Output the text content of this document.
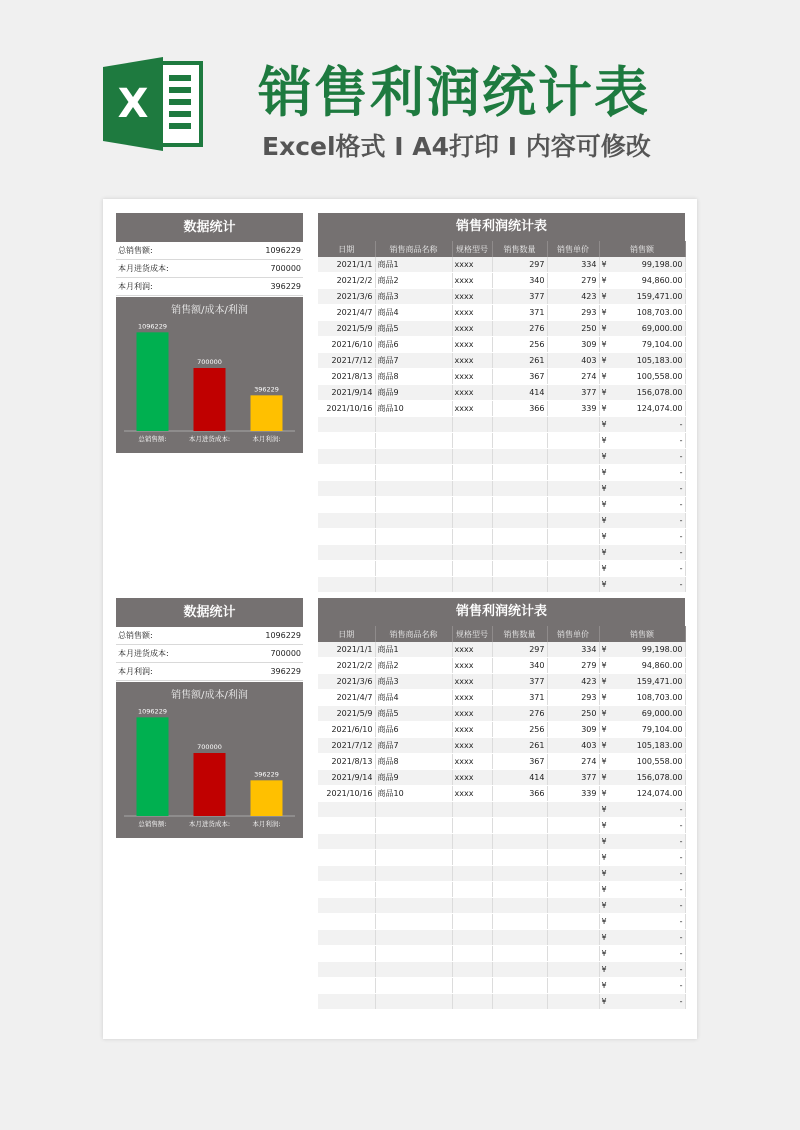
X 销售利润统计表
Excel格式 I A4打印 I 内容可修改
数据统计
总销售额:	1096229
本月进货成本:	700000
本月利润:	396229
销售额/成本/利润
1096229
总销售额:
700000
本月进货成本:
396229
本月利润:
销售利润统计表
日期	销售商品名称	规格型号	销售数量	销售单价	销售额
2021/1/1	商品1	xxxx	297	334	¥ 99,198.00

2021/2/2	商品2	xxxx	340	279	¥ 94,860.00

2021/3/6	商品3	xxxx	377	423	¥ 159,471.00

2021/4/7	商品4	xxxx	371	293	¥ 108,703.00

2021/5/9	商品5	xxxx	276	250	¥ 69,000.00

2021/6/10	商品6	xxxx	256	309	¥ 79,104.00

2021/7/12	商品7	xxxx	261	403	¥ 105,183.00

2021/8/13	商品8	xxxx	367	274	¥ 100,558.00

2021/9/14	商品9	xxxx	414	377	¥ 156,078.00

2021/10/16	商品10	xxxx	366	339	¥ 124,074.00

					¥ -

					¥ -

					¥ -

					¥ -

					¥ -

					¥ -

					¥ -

					¥ -

					¥ -

					¥ -

					¥ -
数据统计
总销售额:	1096229
本月进货成本:	700000
本月利润:	396229
销售额/成本/利润
1096229
总销售额:
700000
本月进货成本:
396229
本月利润:
销售利润统计表
日期	销售商品名称	规格型号	销售数量	销售单价	销售额
2021/1/1	商品1	xxxx	297	334	¥ 99,198.00

2021/2/2	商品2	xxxx	340	279	¥ 94,860.00

2021/3/6	商品3	xxxx	377	423	¥ 159,471.00

2021/4/7	商品4	xxxx	371	293	¥ 108,703.00

2021/5/9	商品5	xxxx	276	250	¥ 69,000.00

2021/6/10	商品6	xxxx	256	309	¥ 79,104.00

2021/7/12	商品7	xxxx	261	403	¥ 105,183.00

2021/8/13	商品8	xxxx	367	274	¥ 100,558.00

2021/9/14	商品9	xxxx	414	377	¥ 156,078.00

2021/10/16	商品10	xxxx	366	339	¥ 124,074.00

					¥ -

					¥ -

					¥ -

					¥ -

					¥ -

					¥ -

					¥ -

					¥ -

					¥ -

					¥ -

					¥ -

					¥ -

					¥ -
